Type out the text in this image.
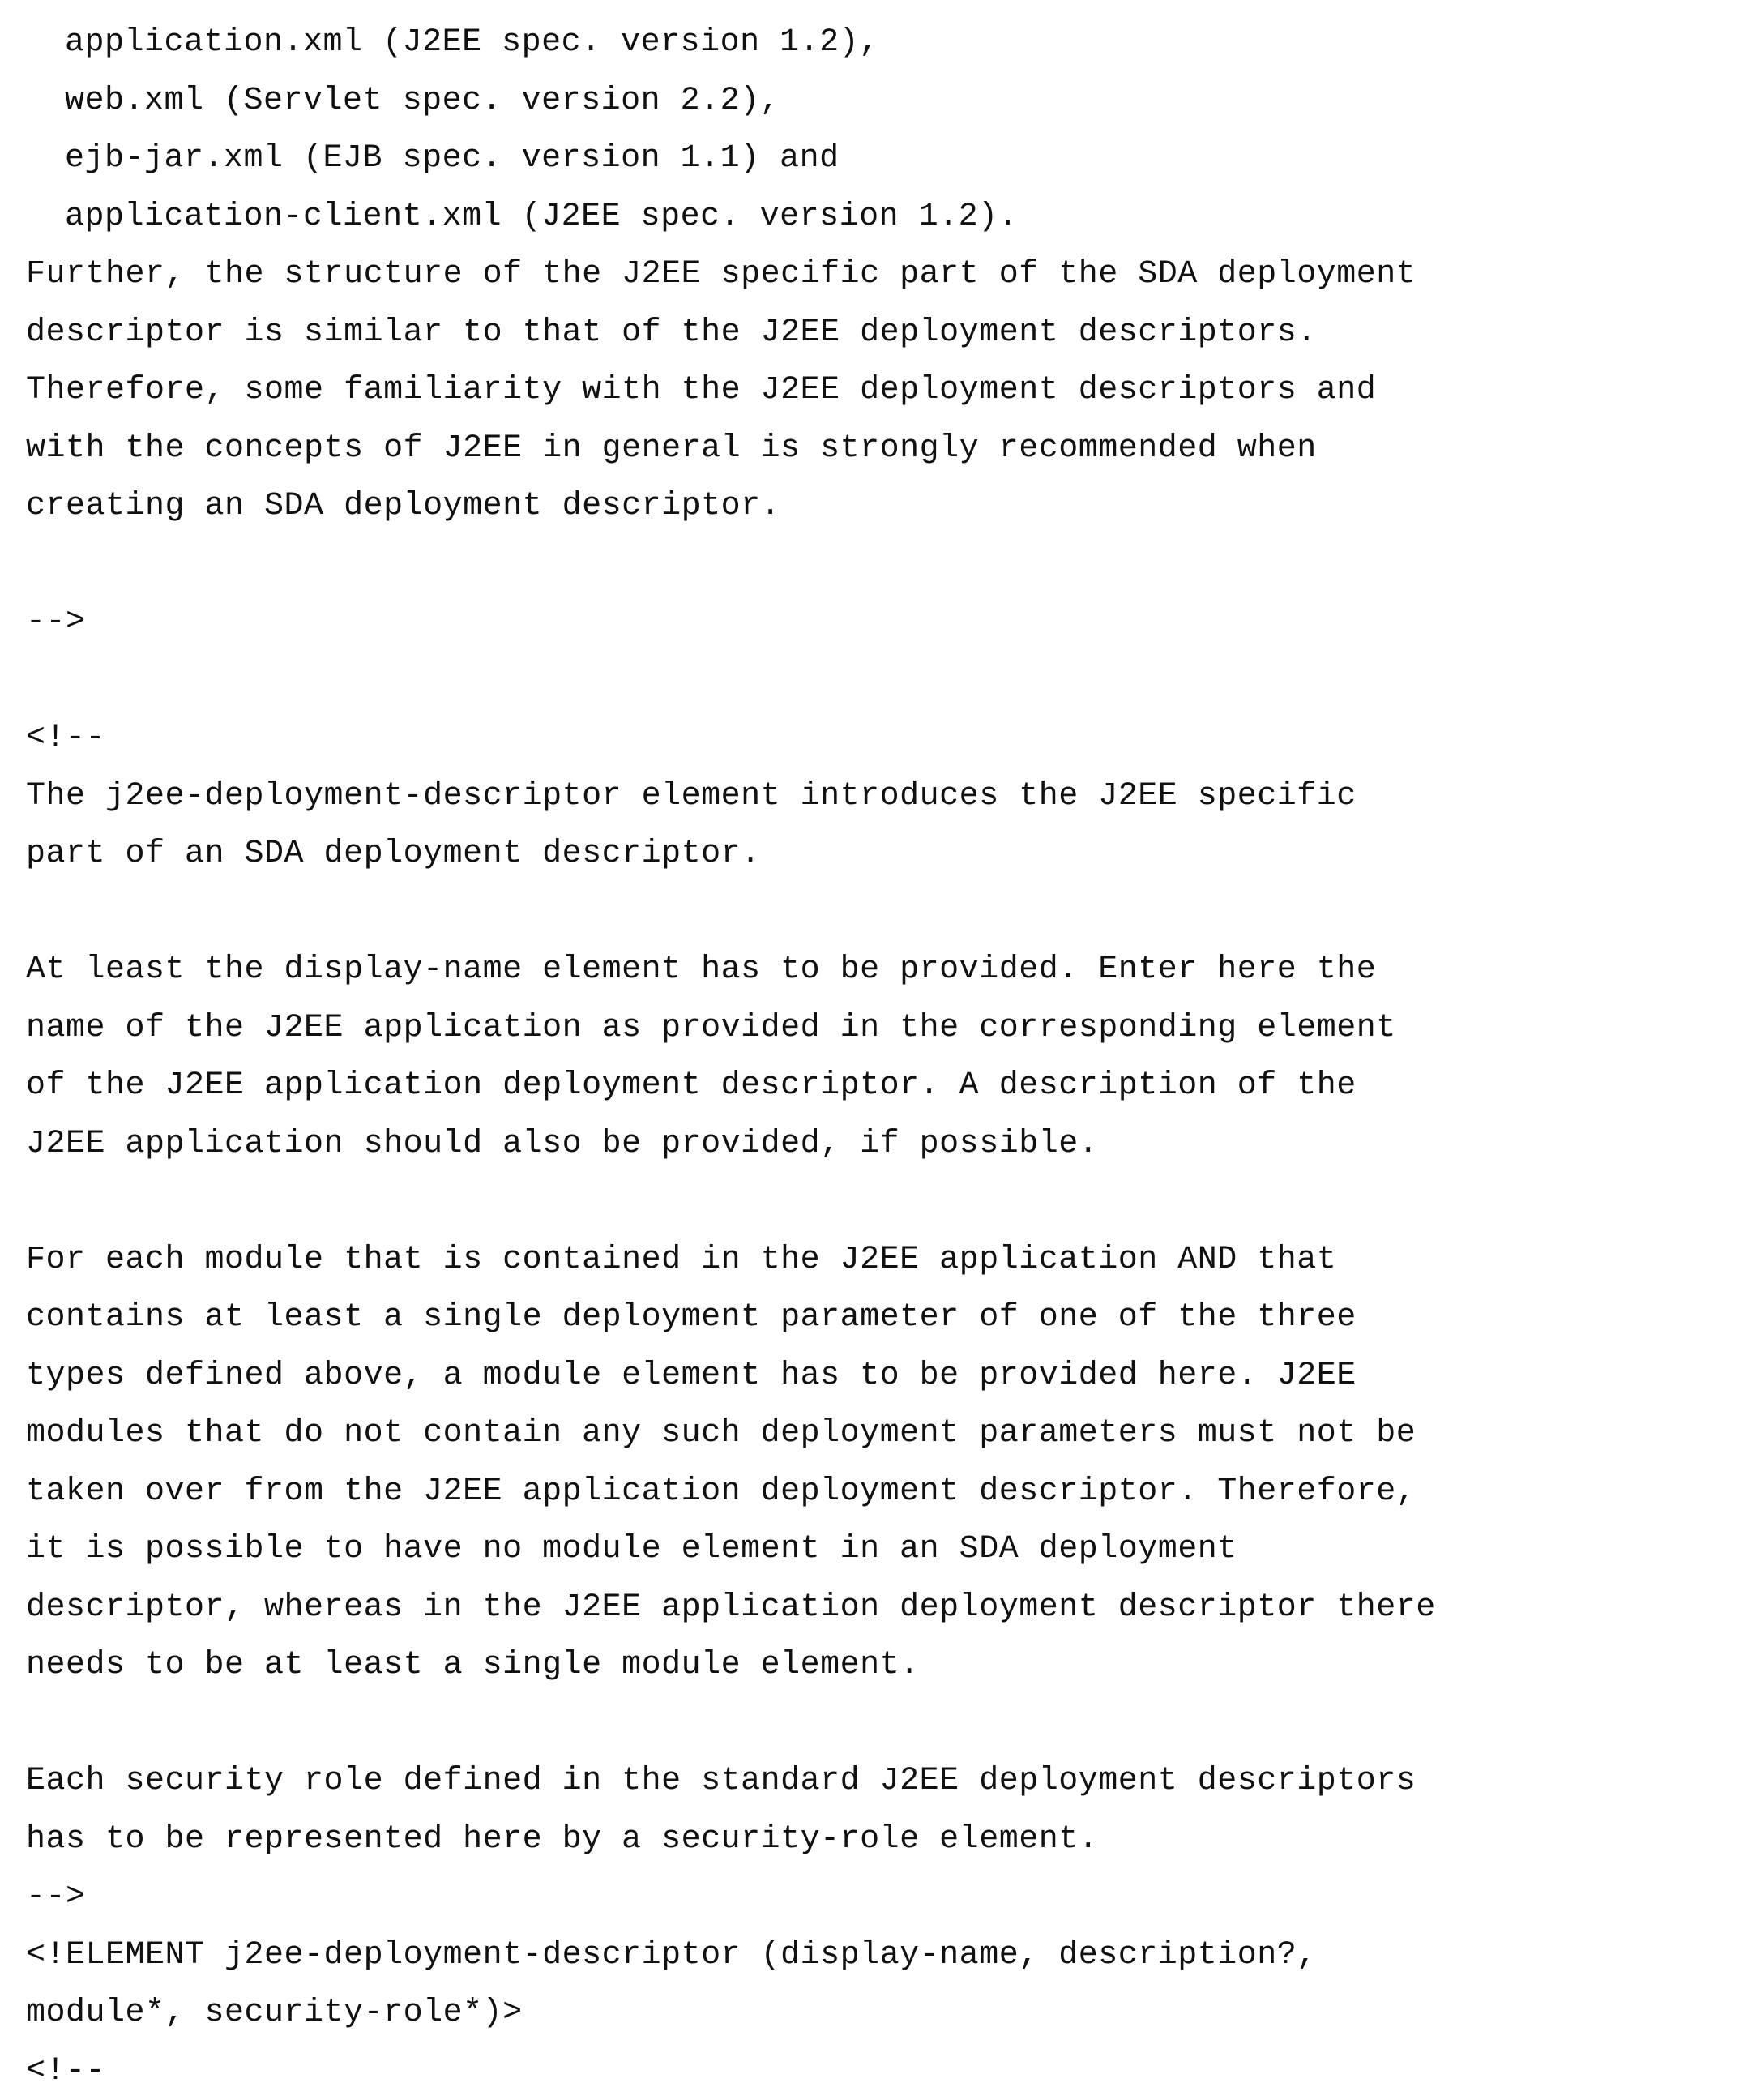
application.xml (J2EE spec. version 1.2),
web.xml (Servlet spec. version 2.2),
ejb-jar.xml (EJB spec. version 1.1) and
application-client.xml (J2EE spec. version 1.2).
Further, the structure of the J2EE specific part of the SDA deployment
descriptor is similar to that of the J2EE deployment descriptors.
Therefore, some familiarity with the J2EE deployment descriptors and
with the concepts of J2EE in general is strongly recommended when
creating an SDA deployment descriptor.
-->
<!--
The j2ee-deployment-descriptor element introduces the J2EE specific
part of an SDA deployment descriptor.
At least the display-name element has to be provided. Enter here the
name of the J2EE application as provided in the corresponding element
of the J2EE application deployment descriptor. A description of the
J2EE application should also be provided, if possible.
For each module that is contained in the J2EE application AND that
contains at least a single deployment parameter of one of the three
types defined above, a module element has to be provided here. J2EE
modules that do not contain any such deployment parameters must not be
taken over from the J2EE application deployment descriptor. Therefore,
it is possible to have no module element in an SDA deployment
descriptor, whereas in the J2EE application deployment descriptor there
needs to be at least a single module element.
Each security role defined in the standard J2EE deployment descriptors
has to be represented here by a security-role element.
-->
<!ELEMENT j2ee-deployment-descriptor (display-name, description?,
module*, security-role*)>
<!--
